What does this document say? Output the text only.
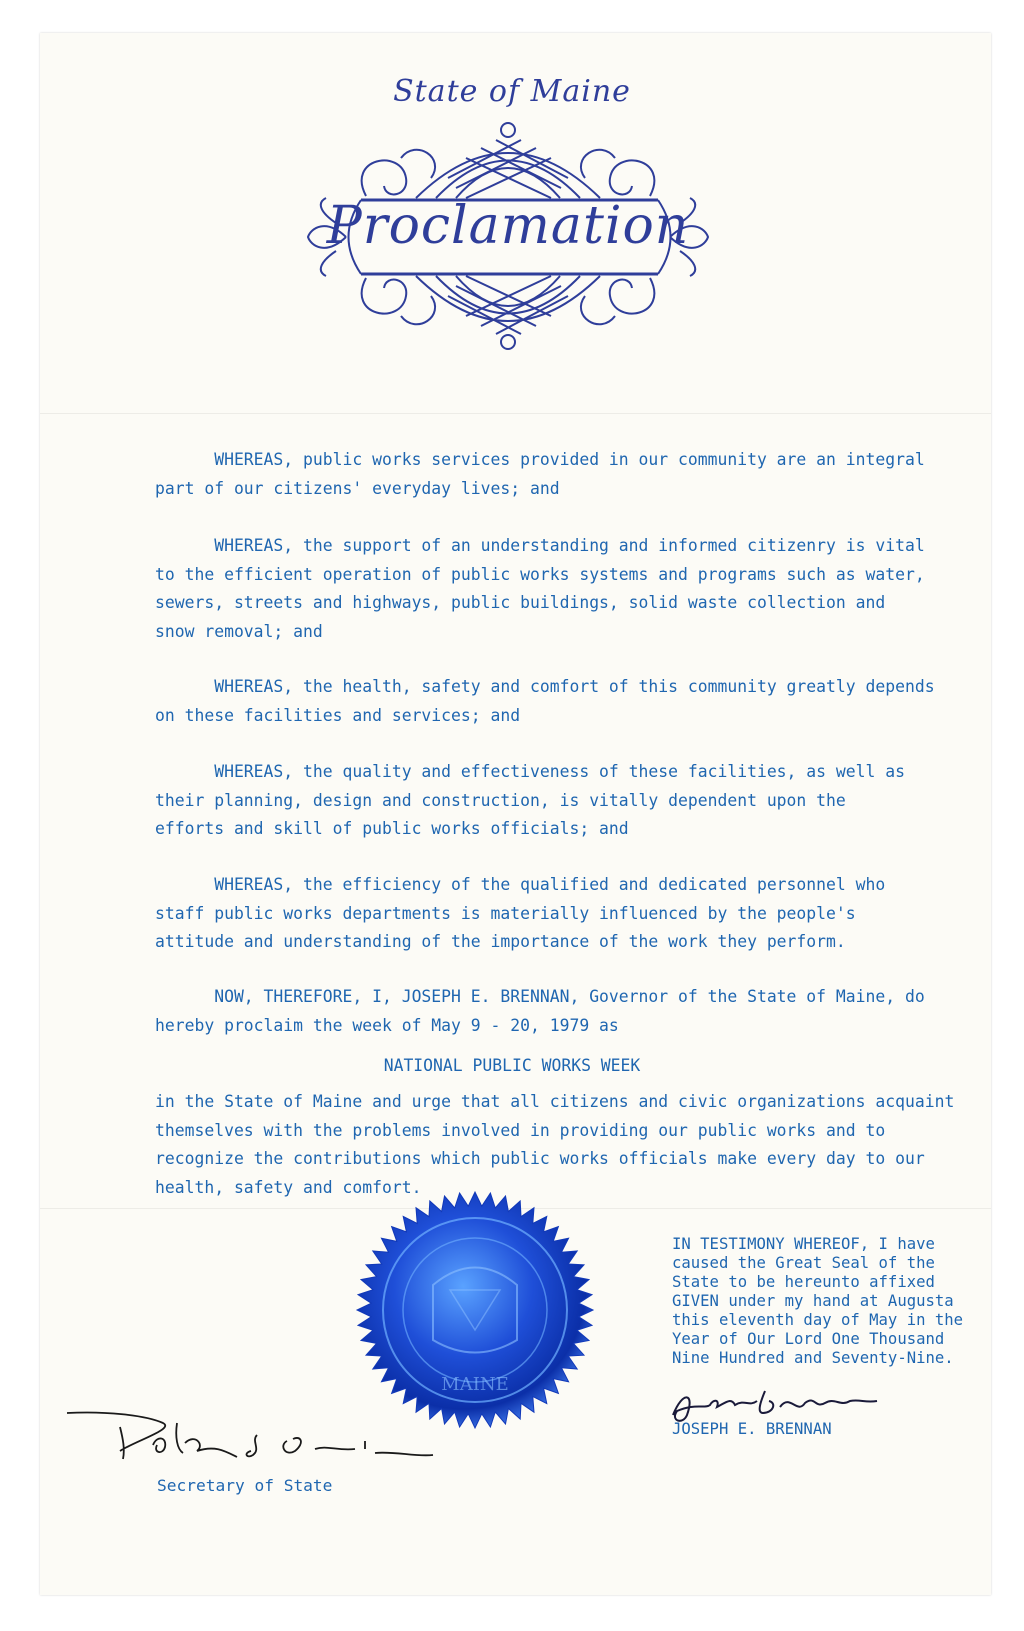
State of Maine
Proclamation
WHEREAS, public works services provided in our community are an integral
part of our citizens' everyday lives; and
WHEREAS, the support of an understanding and informed citizenry is vital
to the efficient operation of public works systems and programs such as water,
sewers, streets and highways, public buildings, solid waste collection and
snow removal; and
WHEREAS, the health, safety and comfort of this community greatly depends
on these facilities and services; and
WHEREAS, the quality and effectiveness of these facilities, as well as
their planning, design and construction, is vitally dependent upon the
efforts and skill of public works officials; and
WHEREAS, the efficiency of the qualified and dedicated personnel who
staff public works departments is materially influenced by the people's
attitude and understanding of the importance of the work they perform.
NOW, THEREFORE, I, JOSEPH E. BRENNAN, Governor of the State of Maine, do
hereby proclaim the week of May 9 - 20, 1979 as
NATIONAL PUBLIC WORKS WEEK
in the State of Maine and urge that all citizens and civic organizations acquaint
themselves with the problems involved in providing our public works and to
recognize the contributions which public works officials make every day to our
health, safety and comfort.
MAINE
IN TESTIMONY WHEREOF, I have
caused the Great Seal of the
State to be hereunto affixed
GIVEN under my hand at Augusta
this eleventh day of May in the
Year of Our Lord One Thousand
Nine Hundred and Seventy-Nine.
JOSEPH E. BRENNAN
Secretary of State
